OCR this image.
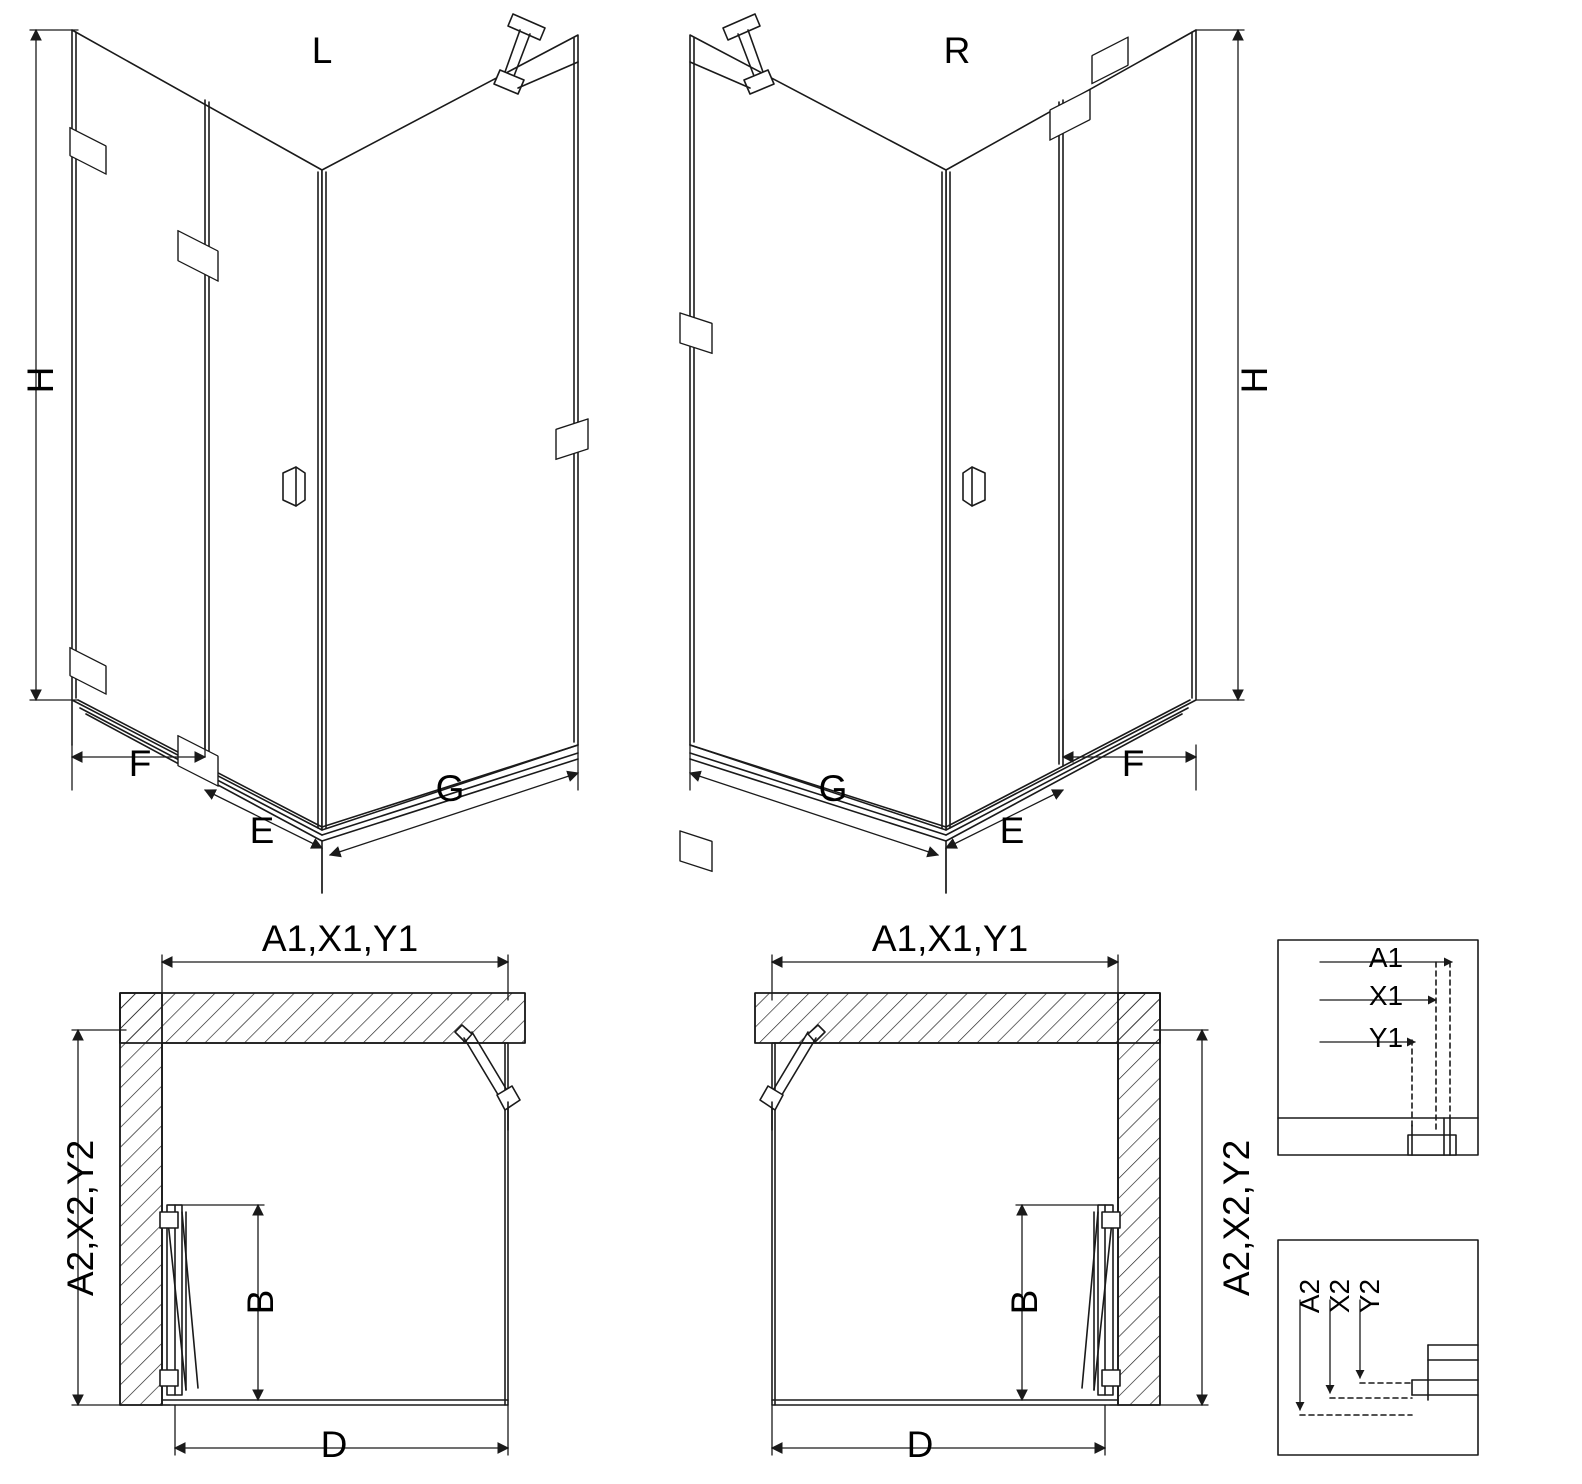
L	R
H	H
F
E
G
F
E
G
A1,X1,Y1	A1,X1,Y1
A2,X2,Y2	A2,X2,Y2
B	B
D	D
A1
X1
Y1
A2 X2 Y2
